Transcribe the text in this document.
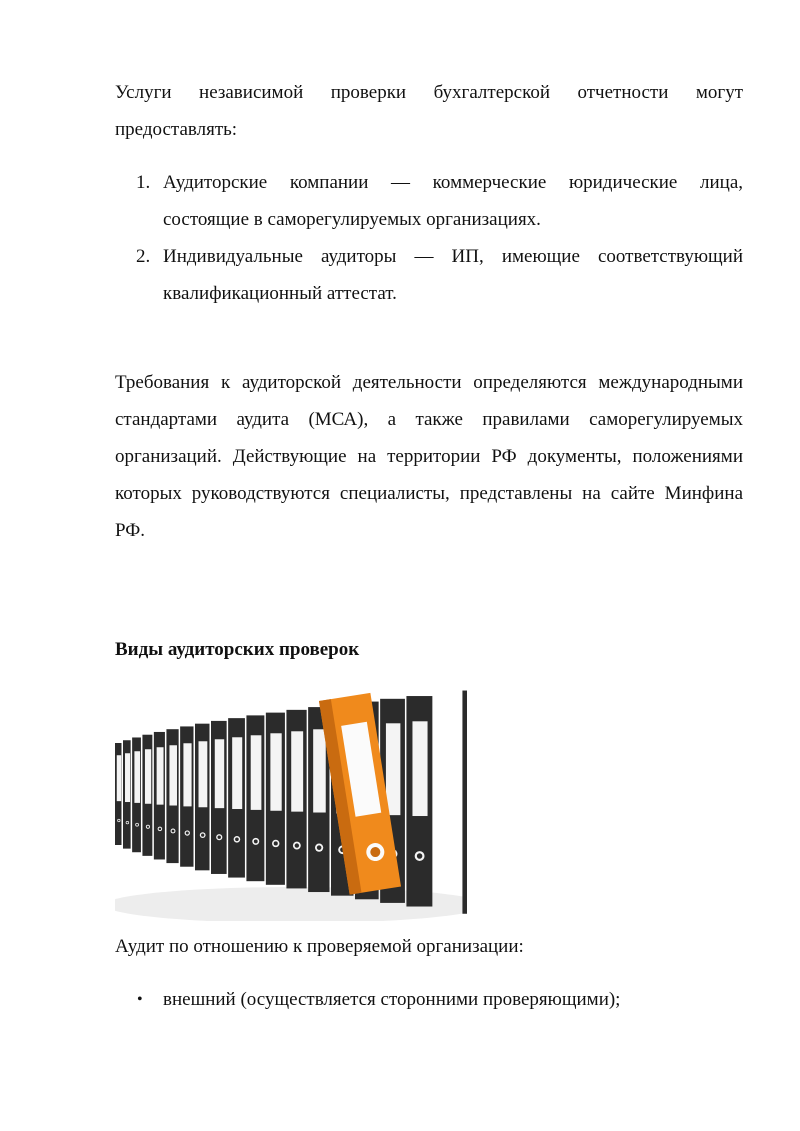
Услуги независимой проверки бухгалтерской отчетности могут предоставлять:

Аудиторские компании — коммерческие юридические лица, состоящие в саморегулируемых организациях.
Индивидуальные аудиторы — ИП, имеющие соответствующий квалификационный аттестат.

Требования к аудиторской деятельности определяются международными стандартами аудита (МСА), а также правилами саморегулируемых организаций. Действующие на территории РФ документы, положениями которых руководствуются специалисты, представлены на сайте Минфина РФ.

Виды аудиторских проверок

Аудит по отношению к проверяемой организации:

• внешний (осуществляется сторонними проверяющими);
